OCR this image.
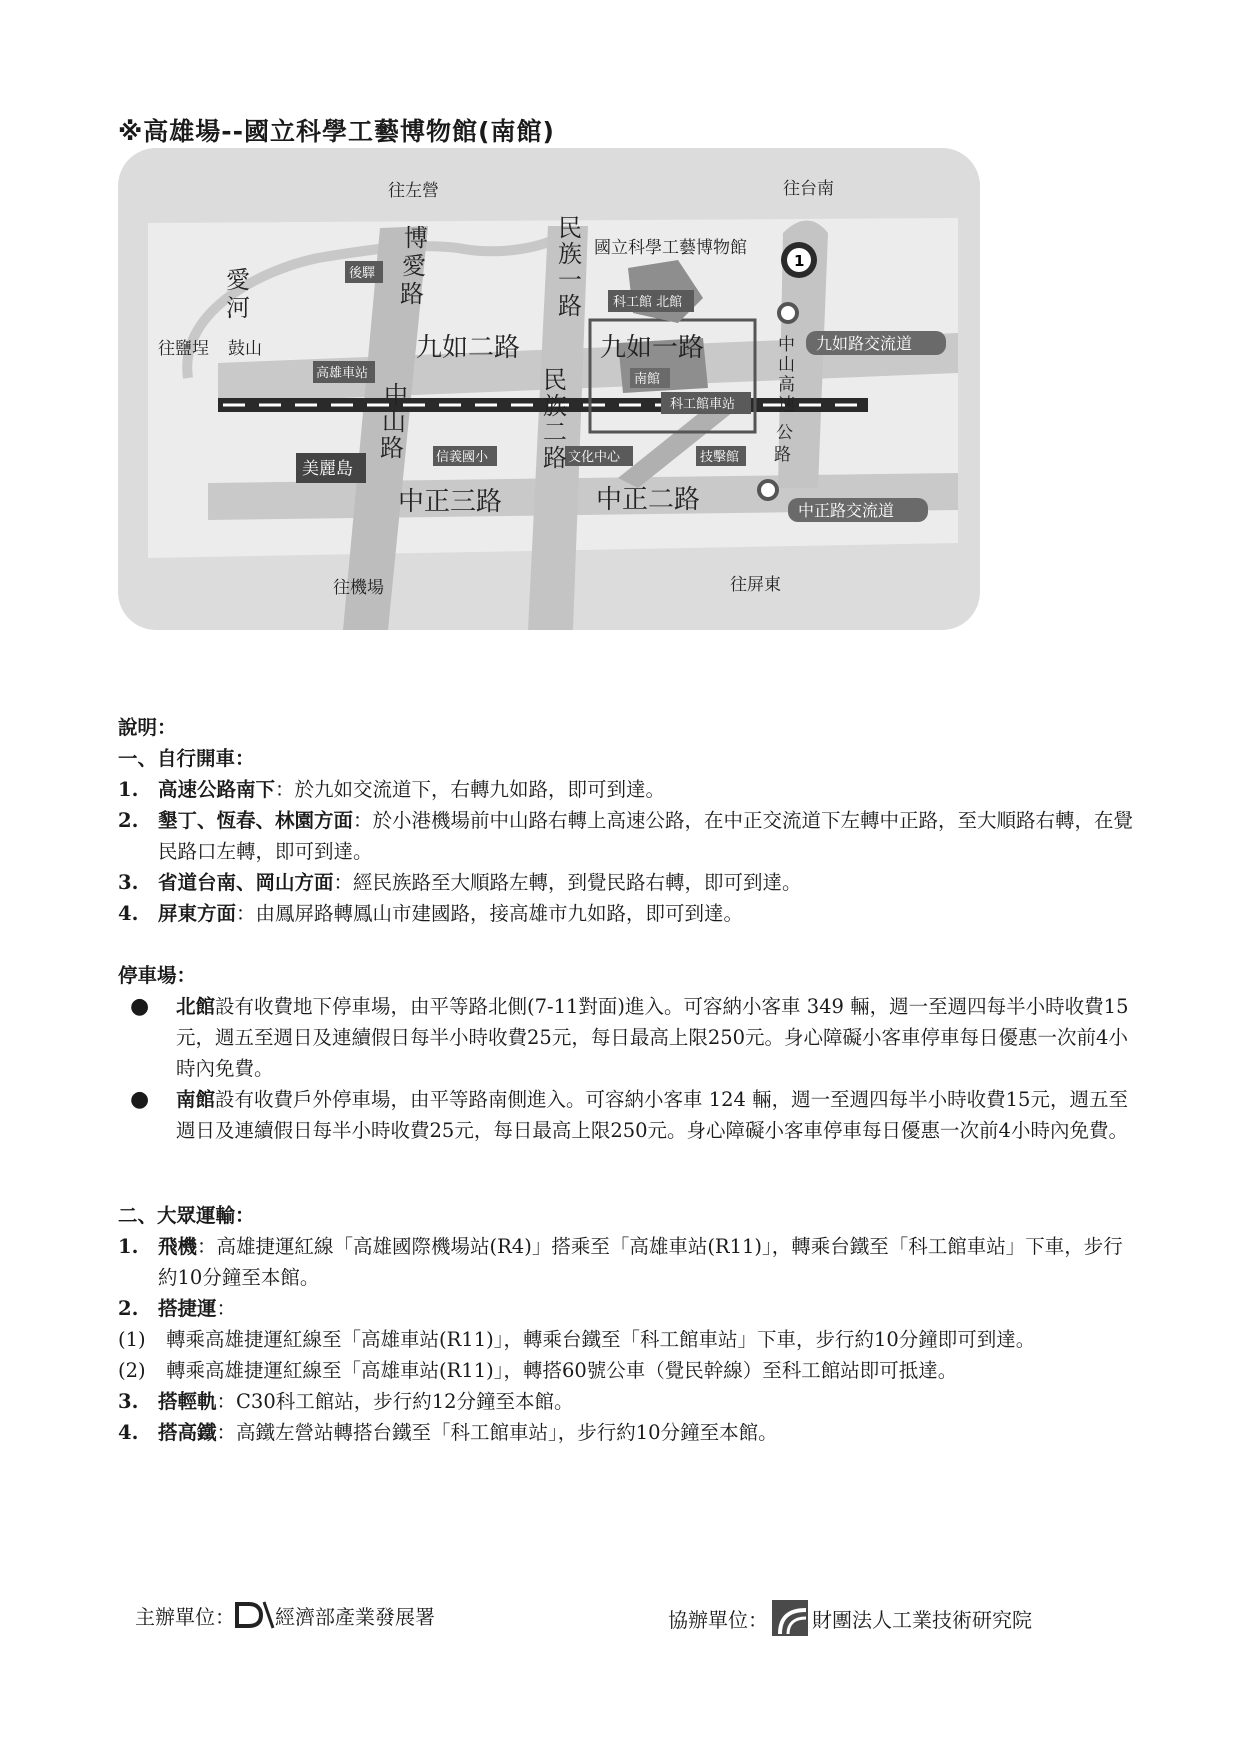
※高雄場--國立科學工藝博物館(南館)
往左營	往台南
往鹽埕
往機場	往屏東
愛
河
鼓山
後驛
高雄車站
美麗島
信義國小	文化中心
國立科學工藝博物館
科工館 北館
南館
科工館車站
技擊館
1
博
愛
路
九如二路	九如一路
民
族
一
路
民
族
二
路
中
山
路
中正三路	中正二路
中
山
高
速
公
路
九如路交流道
中正路交流道
說明：
一、自行開車：
1.	高速公路南下：於九如交流道下，右轉九如路，即可到達。
2.	墾丁、恆春、林園方面：於小港機場前中山路右轉上高速公路，在中正交流道下左轉中正路，至大順路右轉，在覺民路口左轉，即可到達。
3.	省道台南、岡山方面：經民族路至大順路左轉，到覺民路右轉，即可到達。
4.	屏東方面：由鳳屏路轉鳳山市建國路，接高雄市九如路，即可到達。
停車場：
●	北館設有收費地下停車場，由平等路北側(7-11對面)進入。可容納小客車 349 輛，週一至週四每半小時收費15元，週五至週日及連續假日每半小時收費25元，每日最高上限250元。身心障礙小客車停車每日優惠一次前4小時內免費。
●	南館設有收費戶外停車場，由平等路南側進入。可容納小客車 124 輛，週一至週四每半小時收費15元，週五至週日及連續假日每半小時收費25元，每日最高上限250元。身心障礙小客車停車每日優惠一次前4小時內免費。
二、大眾運輸：
1.	飛機：高雄捷運紅線「高雄國際機場站(R4)」搭乘至「高雄車站(R11)」，轉乘台鐵至「科工館車站」下車，步行約10分鐘至本館。
2.	搭捷運：
(1)	轉乘高雄捷運紅線至「高雄車站(R11)」，轉乘台鐵至「科工館車站」下車，步行約10分鐘即可到達。
(2)	轉乘高雄捷運紅線至「高雄車站(R11)」，轉搭60號公車（覺民幹線）至科工館站即可抵達。
3.	搭輕軌：C30科工館站，步行約12分鐘至本館。
4.	搭高鐵：高鐵左營站轉搭台鐵至「科工館車站」，步行約10分鐘至本館。
主辦單位： 經濟部產業發展署	協辦單位： 財團法人工業技術研究院
